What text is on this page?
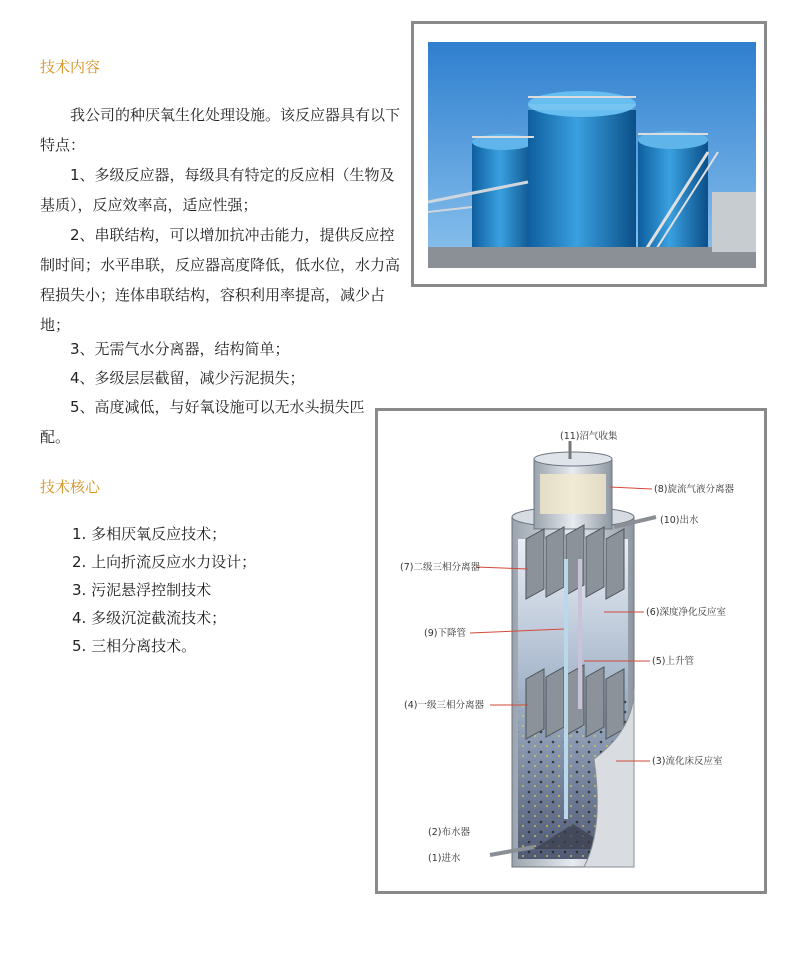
技术内容

我公司的种厌氧生化处理设施。该反应器具有以下特点：

1、多级反应器，每级具有特定的反应相（生物及基质），反应效率高，适应性强；

2、串联结构，可以增加抗冲击能力，提供反应控制时间；水平串联，反应器高度降低，低水位，水力高程损失小；连体串联结构，容积利用率提高，减少占地；

3、无需气水分离器，结构简单；

4、多级层层截留，减少污泥损失；

5、高度减低，与好氧设施可以无水头损失匹配。

技术核心
1. 多相厌氧反应技术；
2. 上向折流反应水力设计；
3. 污泥悬浮控制技术
4. 多级沉淀截流技术；
5. 三相分离技术。
(11)沼气收集
(8)旋流气液分离器
(10)出水
(7)二级三相分离器
(6)深度净化反应室
(9)下降管
(5)上升管
(4)一级三相分离器
(3)流化床反应室
(2)布水器
(1)进水
